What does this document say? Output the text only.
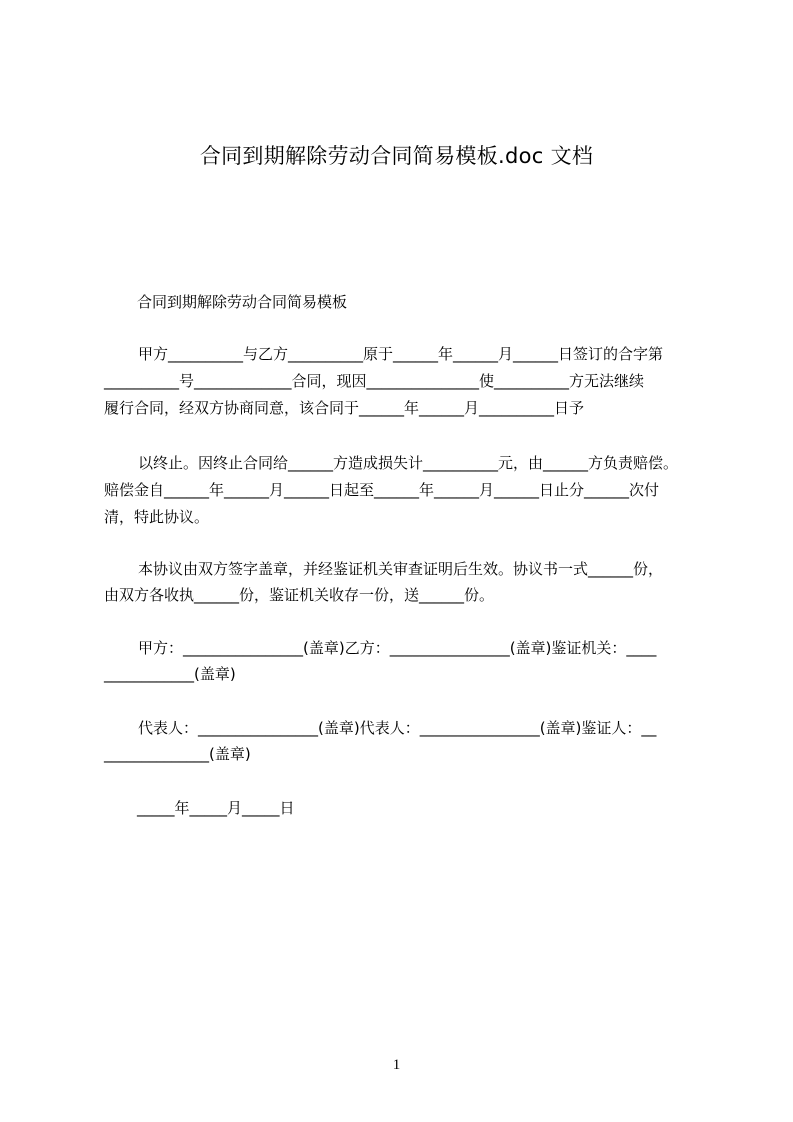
合同到期解除劳动合同简易模板.doc 文档
合同到期解除劳动合同简易模板
甲方__________与乙方__________原于______年______月______日签订的合字第
__________号_____________合同，现因_______________使__________方无法继续
履行合同，经双方协商同意，该合同于______年______月__________日予
以终止。因终止合同给______方造成损失计__________元，由______方负责赔偿。
赔偿金自______年______月______日起至______年______月______日止分______次付
清，特此协议。
本协议由双方签字盖章，并经鉴证机关审查证明后生效。协议书一式______份，
由双方各收执______份，鉴证机关收存一份，送______份。
甲方：________________(盖章)乙方：________________(盖章)鉴证机关：____
____________(盖章)
代表人：________________(盖章)代表人：________________(盖章)鉴证人：__
______________(盖章)
_____年_____月_____日
1
